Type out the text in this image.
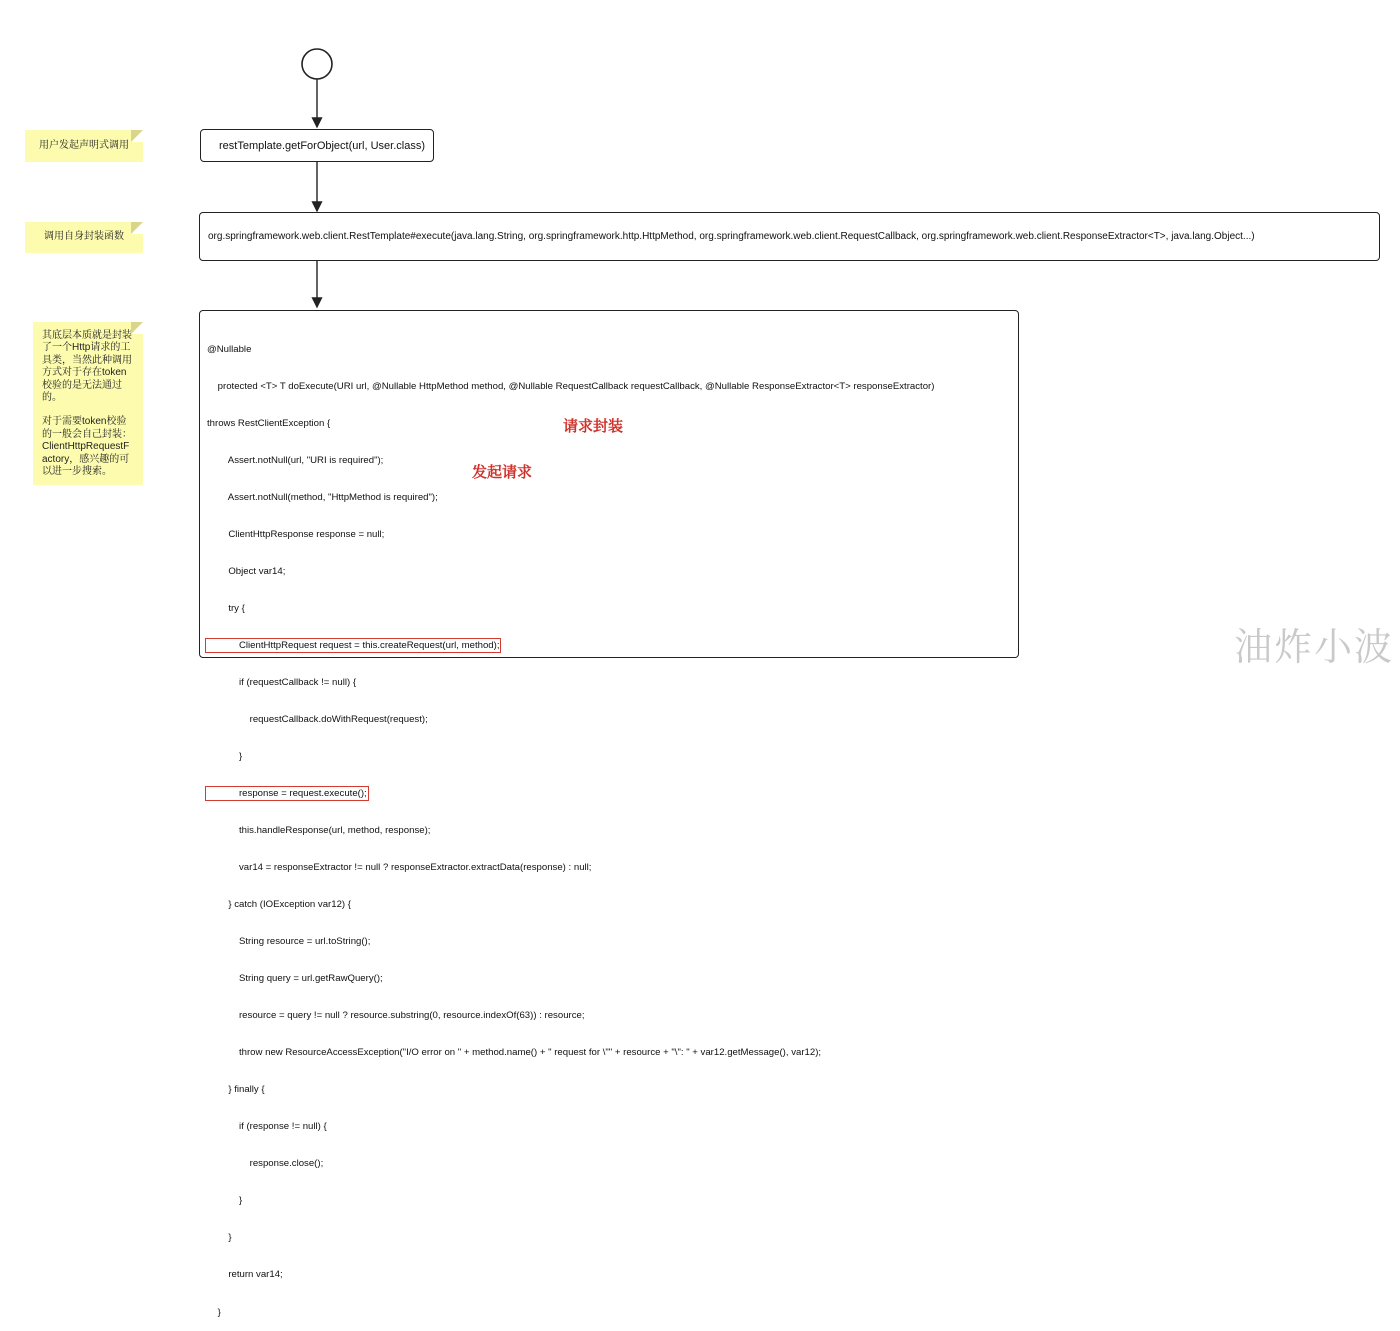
用户发起声明式调用
调用自身封装函数

其底层本质就是封装

了一个Http请求的工

具类，当然此种调用

方式对于存在token

校验的是无法通过

的。

对于需要token校验

的一般会自己封装：

ClientHttpRequestF

actory，感兴趣的可

以进一步搜索。

restTemplate.getForObject(url, User.class)
org.springframework.web.client.RestTemplate#execute(java.lang.String, org.springframework.http.HttpMethod, org.springframework.web.client.RequestCallback, org.springframework.web.client.ResponseExtractor<T>, java.lang.Object...)

@Nullable

protected <T> T doExecute(URI url, @Nullable HttpMethod method, @Nullable RequestCallback requestCallback, @Nullable ResponseExtractor<T> responseExtractor)

throws RestClientException {

Assert.notNull(url, "URI is required");

Assert.notNull(method, "HttpMethod is required");

ClientHttpResponse response = null;

Object var14;

try {

ClientHttpRequest request = this.createRequest(url, method);

if (requestCallback != null) {

requestCallback.doWithRequest(request);

}

response = request.execute();

this.handleResponse(url, method, response);

var14 = responseExtractor != null ? responseExtractor.extractData(response) : null;

} catch (IOException var12) {

String resource = url.toString();

String query = url.getRawQuery();

resource = query != null ? resource.substring(0, resource.indexOf(63)) : resource;

throw new ResourceAccessException("I/O error on " + method.name() + " request for \"" + resource + "\": " + var12.getMessage(), var12);

} finally {

if (response != null) {

response.close();

}

}

return var14;

}

请求封装
发起请求
油炸小波
